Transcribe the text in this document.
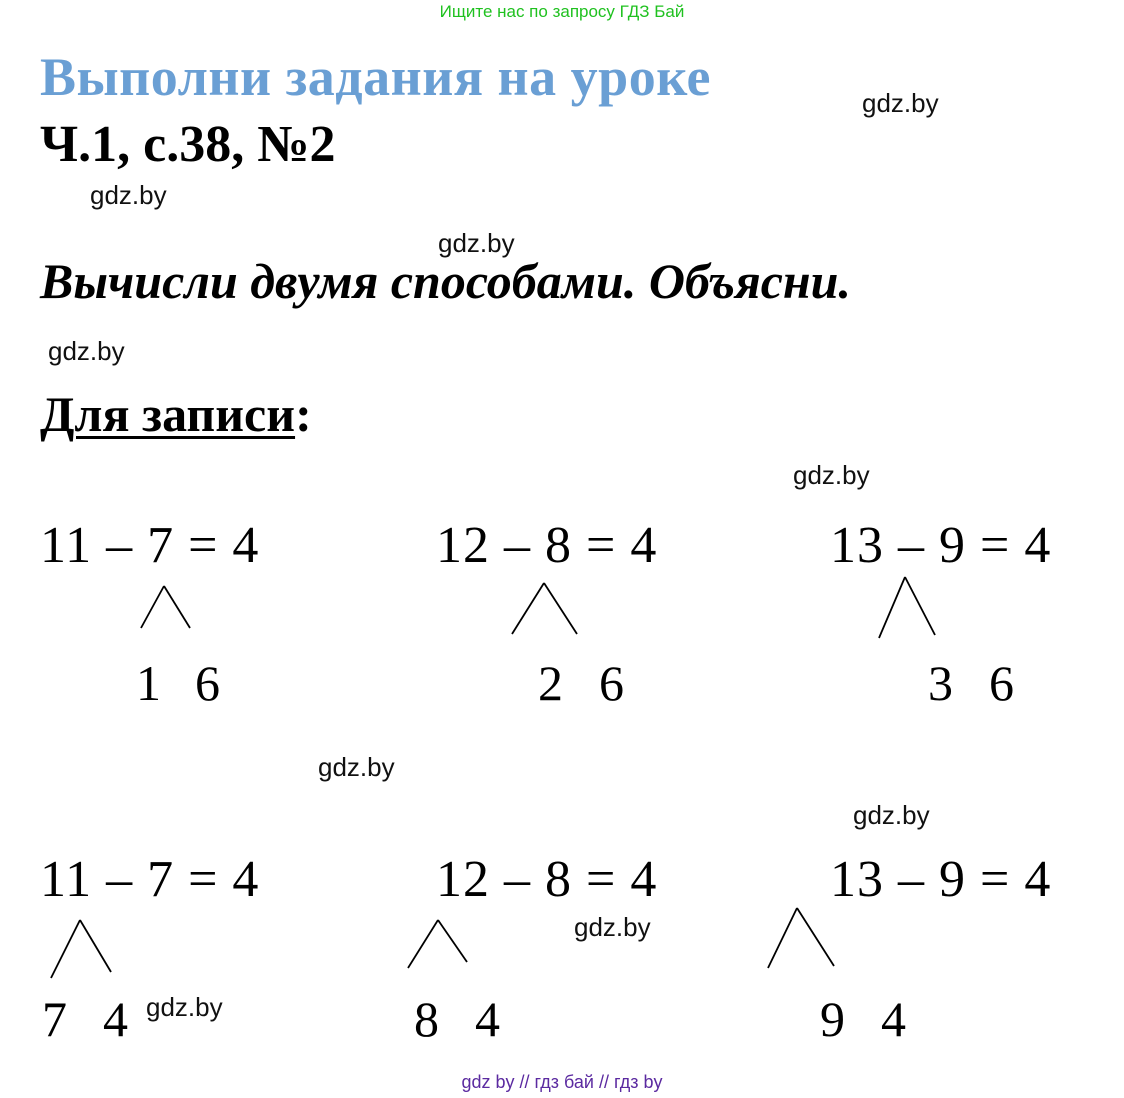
Ищите нас по запросу ГДЗ Бай
Выполни задания на уроке
Ч.1, с.38, №2
Вычисли двумя способами. Объясни.
Для записи:
gdz.by
gdz.by
gdz.by
gdz.by
gdz.by
gdz.by
gdz.by
gdz.by
gdz.by
11 – 7 = 4	12 – 8 = 4	13 – 9 = 4
1 6	2 6	3 6
11 – 7 = 4	12 – 8 = 4	13 – 9 = 4
7 4	8 4	9 4
gdz by // гдз бай // гдз by
